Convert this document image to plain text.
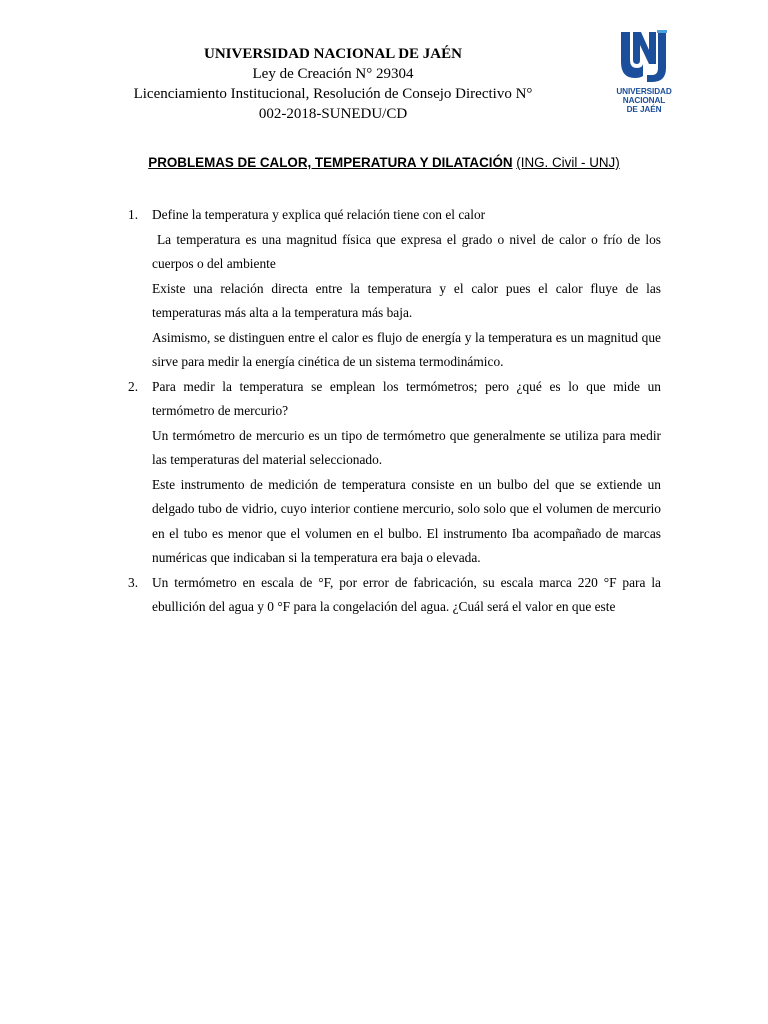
UNIVERSIDAD NACIONAL DE JAÉN
Ley de Creación N° 29304
Licenciamiento Institucional, Resolución de Consejo Directivo N°
002-2018-SUNEDU/CD
UNIVERSIDAD NACIONAL
DE JAÉN
PROBLEMAS DE CALOR, TEMPERATURA Y DILATACIÓN (ING. Civil - UNJ)
1. Define la temperatura y explica qué relación tiene con el calor

La temperatura es una magnitud física que expresa el grado o nivel de calor o frío de los cuerpos o del ambiente

Existe una relación directa entre la temperatura y el calor pues el calor fluye de las temperaturas más alta a la temperatura más baja.

Asimismo, se distinguen entre el calor es flujo de energía y la temperatura es un magnitud que sirve para medir la energía cinética de un sistema termodinámico.

2. Para medir la temperatura se emplean los termómetros; pero ¿qué es lo que mide un termómetro de mercurio?

Un termómetro de mercurio es un tipo de termómetro que generalmente se utiliza para medir las temperaturas del material seleccionado.

Este instrumento de medición de temperatura consiste en un bulbo del que se extiende un delgado tubo de vidrio, cuyo interior contiene mercurio, solo solo que el volumen de mercurio en el tubo es menor que el volumen en el bulbo. El instrumento Iba acompañado de marcas numéricas que indicaban si la temperatura era baja o elevada.

3. Un termómetro en escala de °F, por error de fabricación, su escala marca 220 °F para la ebullición del agua y 0 °F para la congelación del agua. ¿Cuál será el valor en que este
